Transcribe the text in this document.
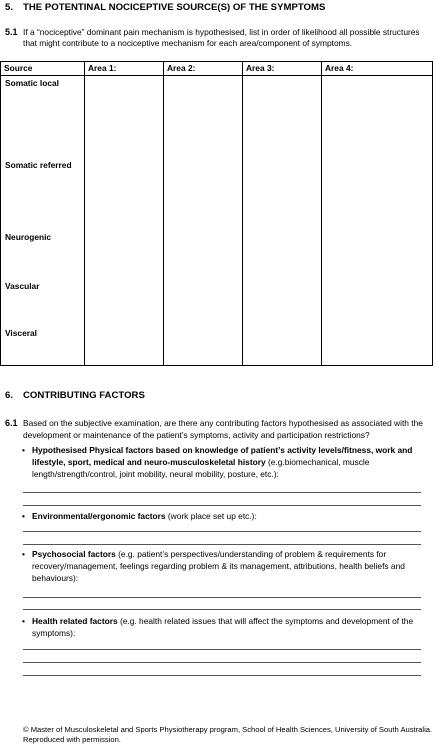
5. THE POTENTINAL NOCICEPTIVE SOURCE(S) OF THE SYMPTOMS
5.1 If a “nociceptive” dominant pain mechanism is hypothesised, list in order of likelihood all possible structures
that might contribute to a nociceptive mechanism for each area/component of symptoms.
Source	Area 1:	Area 2:	Area 3:	Area 4:

Somatic local
Somatic referred
Neurogenic
Vascular
Visceral
6. CONTRIBUTING FACTORS
6.1 Based on the subjective examination, are there any contributing factors hypothesised as associated with the
development or maintenance of the patient’s symptoms, activity and participation restrictions?
• Hypothesised Physical factors based on knowledge of patient’s activity levels/fitness, work and
lifestyle, sport, medical and neuro-musculoskeletal history (e.g.biomechanical, muscle
length/strength/control, joint mobility, neural mobility, posture, etc.):
• Environmental/ergonomic factors (work place set up etc.):
• Psychosocial factors (e.g. patient’s perspectives/understanding of problem & requirements for
recovery/management, feelings regarding problem & its management, attributions, health beliefs and
behaviours):
• Health related factors (e.g. health related issues that will affect the symptoms and development of the
symptoms):
© Master of Musculoskeletal and Sports Physiotherapy program, School of Health Sciences, University of South Australia.
Reproduced with permission.
